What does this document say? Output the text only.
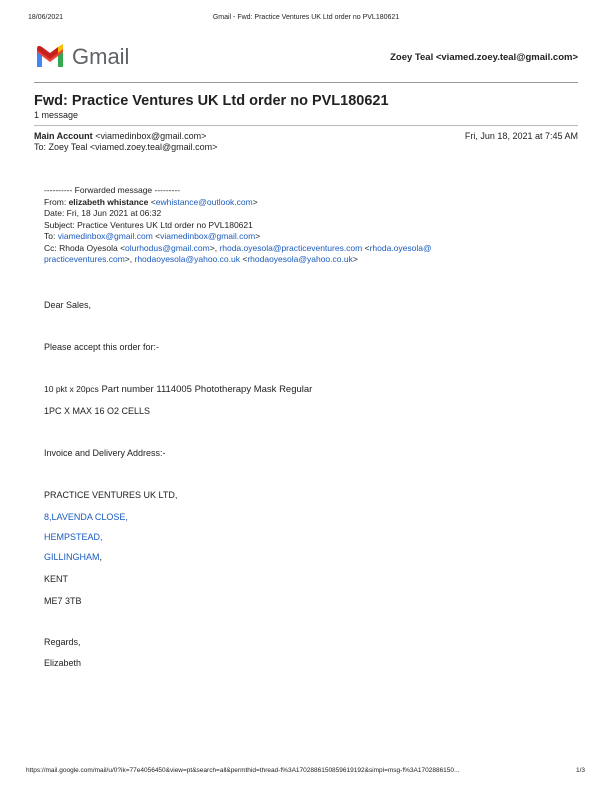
18/06/2021	Gmail - Fwd: Practice Ventures UK Ltd order no PVL180621
Gmail	Zoey Teal <viamed.zoey.teal@gmail.com>
Fwd: Practice Ventures UK Ltd order no PVL180621
1 message
Main Account <viamedinbox@gmail.com>	Fri, Jun 18, 2021 at 7:45 AM
To: Zoey Teal <viamed.zoey.teal@gmail.com>
---------- Forwarded message ---------
From: elizabeth whistance <ewhistance@outlook.com>
Date: Fri, 18 Jun 2021 at 06:32
Subject: Practice Ventures UK Ltd order no PVL180621
To: viamedinbox@gmail.com <viamedinbox@gmail.com>
Cc: Rhoda Oyesola <olurhodus@gmail.com>, rhoda.oyesola@practiceventures.com <rhoda.oyesola@
practiceventures.com>, rhodaoyesola@yahoo.co.uk <rhodaoyesola@yahoo.co.uk>
Dear Sales,
Please accept this order for:-
10 pkt x 20pcs Part number 1114005 Phototherapy Mask Regular
1PC X MAX 16 O2 CELLS
Invoice and Delivery Address:-
PRACTICE VENTURES UK LTD,
8,LAVENDA CLOSE,
HEMPSTEAD,
GILLINGHAM,
KENT
ME7 3TB
Regards,
Elizabeth
https://mail.google.com/mail/u/0?ik=77e4056450&view=pt&search=all&permthid=thread-f%3A1702886150859619192&simpl=msg-f%3A1702886150...	1/3
